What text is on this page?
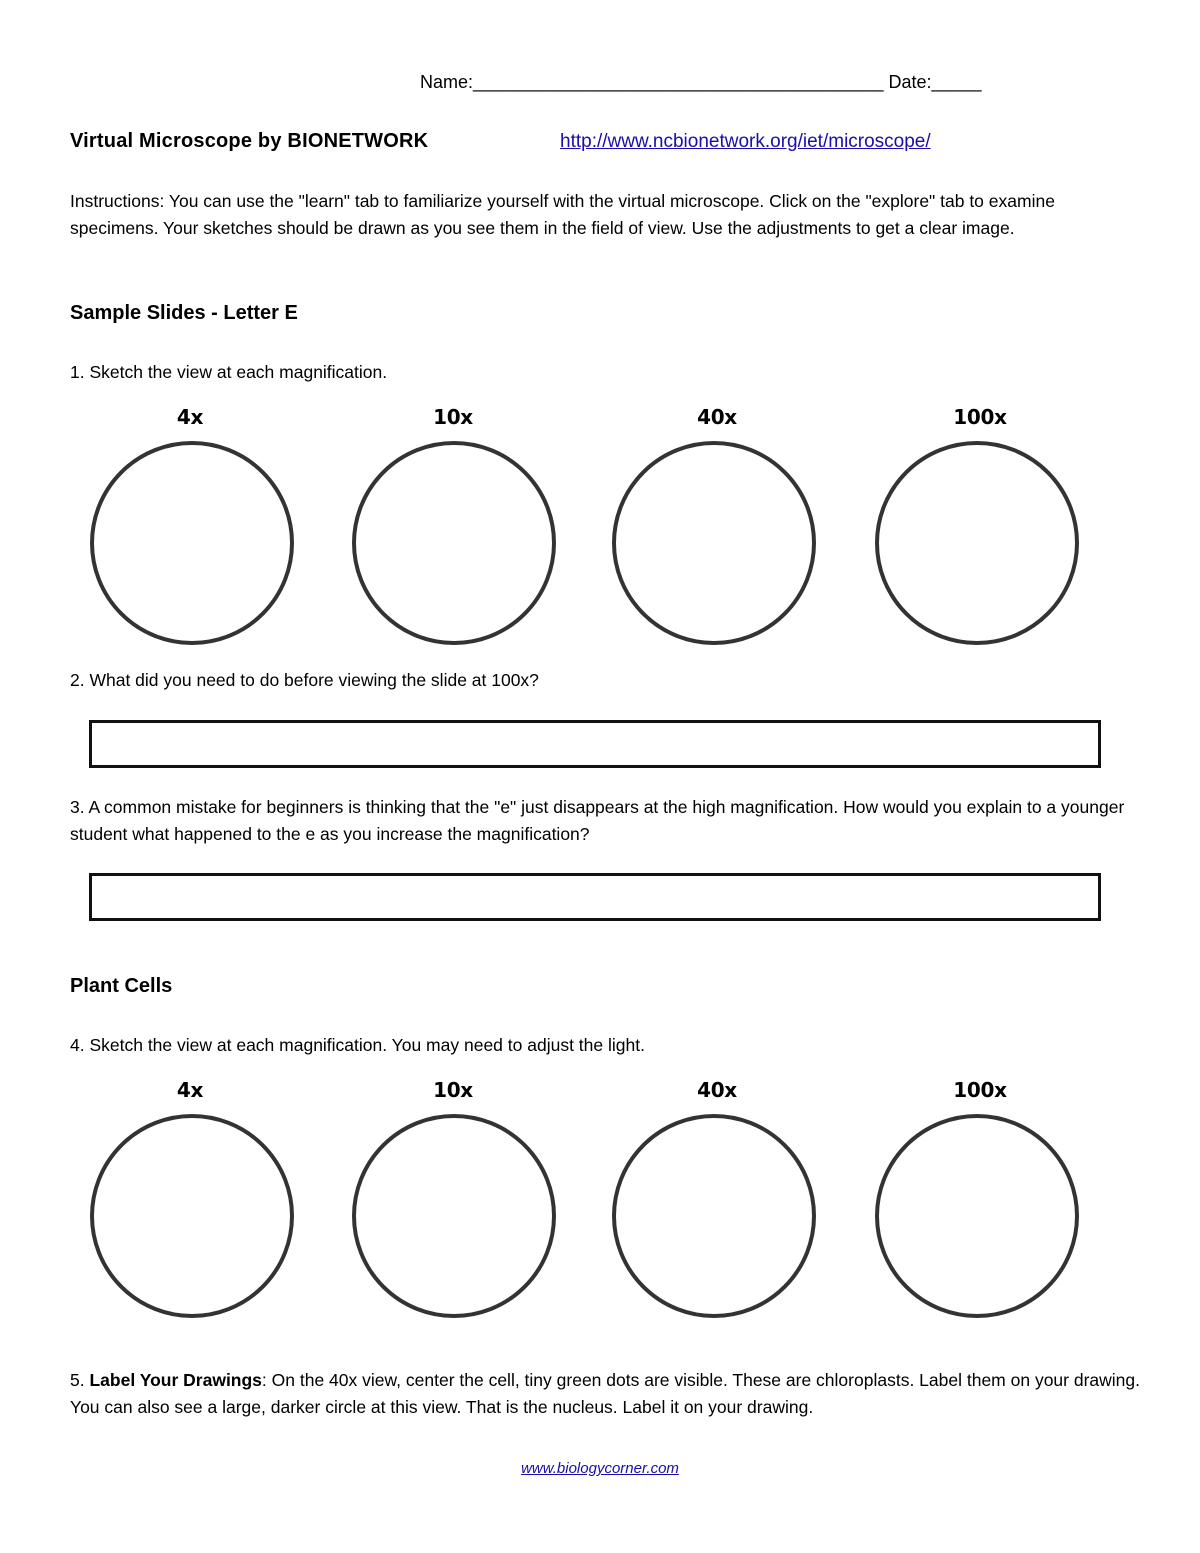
Name:_________________________________________ Date:_____
Virtual Microscope by BIONETWORK	http://www.ncbionetwork.org/iet/microscope/
Instructions: You can use the "learn" tab to familiarize yourself with the virtual microscope. Click on the "explore" tab to examine specimens. Your sketches should be drawn as you see them in the field of view. Use the adjustments to get a clear image.
Sample Slides - Letter E
1. Sketch the view at each magnification.
4x	10x	40x	100x
2. What did you need to do before viewing the slide at 100x?
3. A common mistake for beginners is thinking that the "e" just disappears at the high magnification. How would you explain to a younger student what happened to the e as you increase the magnification?
Plant Cells
4. Sketch the view at each magnification. You may need to adjust the light.
4x	10x	40x	100x
5. Label Your Drawings: On the 40x view, center the cell, tiny green dots are visible. These are chloroplasts. Label them on your drawing. You can also see a large, darker circle at this view. That is the nucleus. Label it on your drawing.
www.biologycorner.com
